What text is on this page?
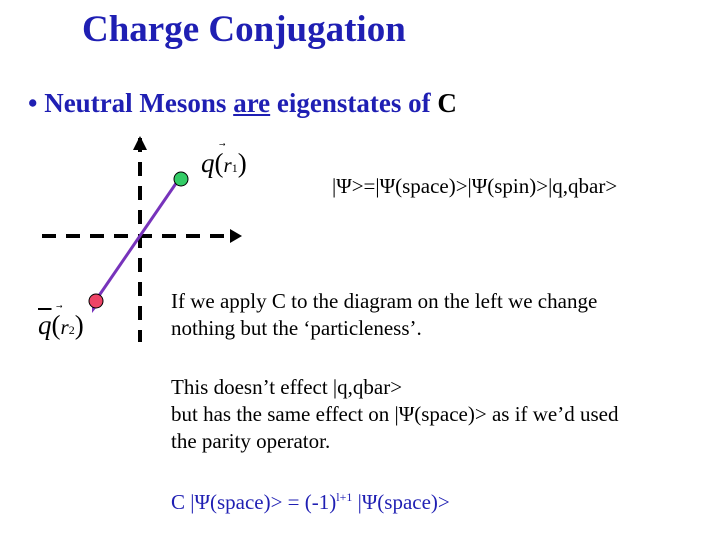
Charge Conjugation
• Neutral Mesons are eigenstates of C
q(
r1)
$\overline{q}$(
r2)
|Ψ>=|Ψ(space)>|Ψ(spin)>|q,qbar>
If we apply C to the diagram on the left we change
nothing but the ‘particleness’.
This doesn’t effect |q,qbar>
but has the same effect on |Ψ(space)> as if we’d used
the parity operator.
C |Ψ(space)> = $(-1)^{l+1}$ |Ψ(space)>
